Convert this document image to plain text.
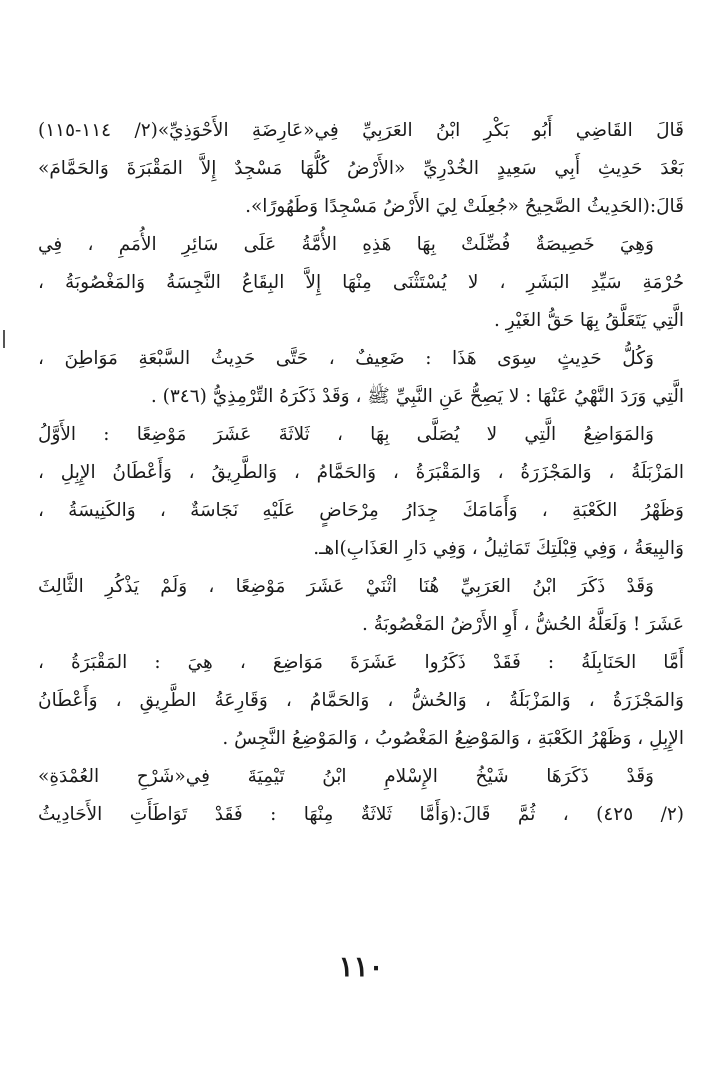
قَالَ القَاضِي أَبُو بَكْرِ ابْنُ العَرَبِيِّ فِي«عَارِضَةِ الأَحْوَذِيِّ»(٢/ ١١٤-١١٥)
بَعْدَ حَدِيثِ أَبِي سَعِيدٍ الخُدْرِيِّ «الأَرْضُ كُلُّهَا مَسْجِدٌ إِلاَّ المَقْبَرَةَ وَالحَمَّامَ»
قَالَ:(الحَدِيثُ الصَّحِيحُ «جُعِلَتْ لِيَ الأَرْضُ مَسْجِدًا وَطَهُورًا».

وَهِيَ خَصِيصَةٌ فُضِّلَتْ بِهَا هَذِهِ الأُمَّةُ عَلَى سَائِرِ الأُمَمِ ، فِي
حُرْمَةِ سَيِّدِ البَشَرِ ، لا يُسْتَثْنَى مِنْهَا إِلاَّ البِقَاعُ النَّجِسَةُ وَالمَغْصُوبَةُ ،
الَّتِي يَتَعَلَّقُ بِهَا حَقُّ الغَيْرِ .

وَكُلُّ حَدِيثٍ سِوَى هَذَا : ضَعِيفٌ ، حَتَّى حَدِيثُ السَّبْعَةِ مَوَاطِنَ ،
الَّتِي وَرَدَ النَّهْيُ عَنْهَا : لا يَصِحُّ عَنِ النَّبِيِّ ﷺ ، وَقَدْ ذَكَرَهُ التِّرْمِذِيُّ (٣٤٦) .

وَالمَوَاضِعُ الَّتِي لا يُصَلَّى بِهَا ، ثَلاثَةَ عَشَرَ مَوْضِعًا : الأَوَّلُ
المَزْبَلَةُ ، وَالمَجْزَرَةُ ، وَالمَقْبَرَةُ ، وَالحَمَّامُ ، وَالطَّرِيقُ ، وَأَعْطَانُ الإِبِلِ ،
وَظَهْرُ الكَعْبَةِ ، وَأَمَامَكَ جِدَارُ مِرْحَاضٍ عَلَيْهِ نَجَاسَةٌ ، وَالكَنِيسَةُ ،
وَالبِيعَةُ ، وَفِي قِبْلَتِكَ تَمَاثِيلُ ، وَفِي دَارِ العَذَابِ)اهـ.

وَقَدْ ذَكَرَ ابْنُ العَرَبِيِّ هُنَا اثْنَيْ عَشَرَ مَوْضِعًا ، وَلَمْ يَذْكُرِ الثَّالِثَ
عَشَرَ ! وَلَعَلَّهُ الحُشُّ ، أَوِ الأَرْضُ المَغْصُوبَةُ .

أَمَّا الحَنَابِلَةُ : فَقَدْ ذَكَرُوا عَشَرَةَ مَوَاضِعَ ، هِيَ : المَقْبَرَةُ ،
وَالمَجْزَرَةُ ، وَالمَزْبَلَةُ ، وَالحُشُّ ، وَالحَمَّامُ ، وَقَارِعَةُ الطَّرِيقِ ، وَأَعْطَانُ
الإِبِلِ ، وَظَهْرُ الكَعْبَةِ ، وَالمَوْضِعُ المَغْصُوبُ ، وَالمَوْضِعُ النَّجِسُ .

وَقَدْ ذَكَرَهَا شَيْخُ الإِسْلامِ ابْنُ تَيْمِيَةَ فِي«شَرْحِ العُمْدَةِ»
(٢/ ٤٢٥) ، ثُمَّ قَالَ:(وَأَمَّا ثَلاثَةٌ مِنْهَا : فَقَدْ تَوَاطَأَتِ الأَحَادِيثُ

١١٠
